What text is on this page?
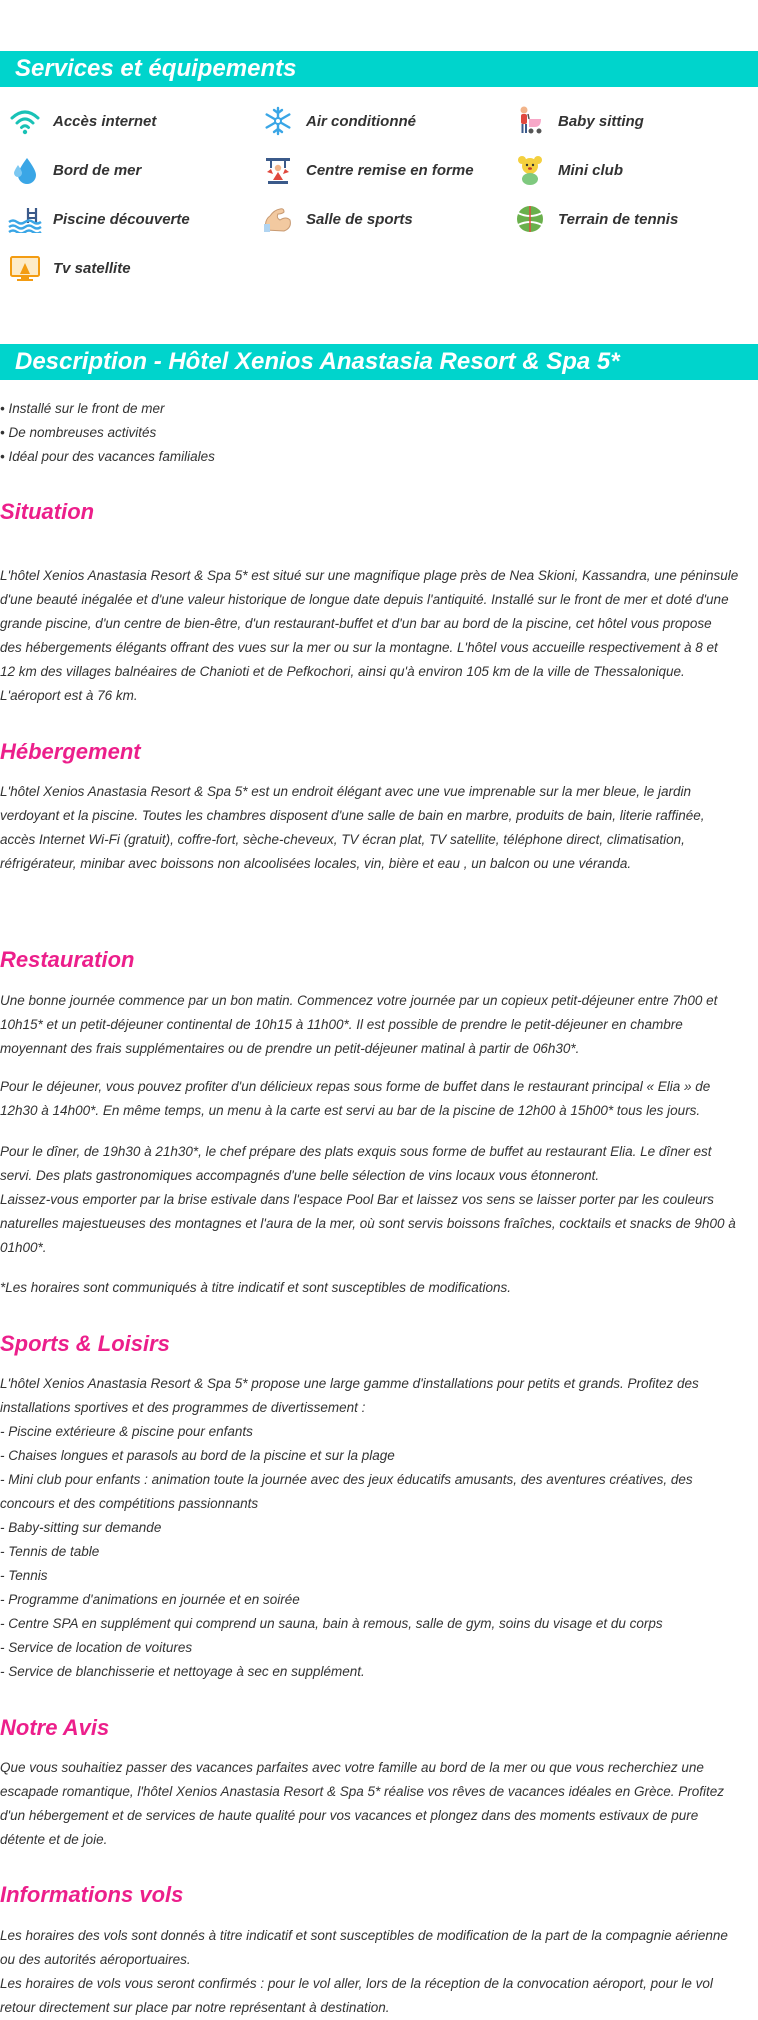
Services et équipements
Accès internet	Air conditionné	Baby sitting
Bord de mer	Centre remise en forme	Mini club
Piscine découverte	Salle de sports	Terrain de tennis
Tv satellite
Description - Hôtel Xenios Anastasia Resort & Spa 5*
• Installé sur le front de mer
• De nombreuses activités
• Idéal pour des vacances familiales
Situation
L'hôtel Xenios Anastasia Resort & Spa 5* est situé sur une magnifique plage près de Nea Skioni, Kassandra, une péninsule
d'une beauté inégalée et d'une valeur historique de longue date depuis l'antiquité. Installé sur le front de mer et doté d'une
grande piscine, d'un centre de bien-être, d'un restaurant-buffet et d'un bar au bord de la piscine, cet hôtel vous propose
des hébergements élégants offrant des vues sur la mer ou sur la montagne. L'hôtel vous accueille respectivement à 8 et
12 km des villages balnéaires de Chanioti et de Pefkochori, ainsi qu'à environ 105 km de la ville de Thessalonique.
L'aéroport est à 76 km.
Hébergement
L'hôtel Xenios Anastasia Resort & Spa 5* est un endroit élégant avec une vue imprenable sur la mer bleue, le jardin
verdoyant et la piscine. Toutes les chambres disposent d'une salle de bain en marbre, produits de bain, literie raffinée,
accès Internet Wi-Fi (gratuit), coffre-fort, sèche-cheveux, TV écran plat, TV satellite, téléphone direct, climatisation,
réfrigérateur, minibar avec boissons non alcoolisées locales, vin, bière et eau , un balcon ou une véranda.
Restauration
Une bonne journée commence par un bon matin. Commencez votre journée par un copieux petit-déjeuner entre 7h00 et
10h15* et un petit-déjeuner continental de 10h15 à 11h00*. Il est possible de prendre le petit-déjeuner en chambre
moyennant des frais supplémentaires ou de prendre un petit-déjeuner matinal à partir de 06h30*.
Pour le déjeuner, vous pouvez profiter d'un délicieux repas sous forme de buffet dans le restaurant principal « Elia » de
12h30 à 14h00*. En même temps, un menu à la carte est servi au bar de la piscine de 12h00 à 15h00* tous les jours.
Pour le dîner, de 19h30 à 21h30*, le chef prépare des plats exquis sous forme de buffet au restaurant Elia. Le dîner est
servi. Des plats gastronomiques accompagnés d'une belle sélection de vins locaux vous étonneront.
Laissez-vous emporter par la brise estivale dans l'espace Pool Bar et laissez vos sens se laisser porter par les couleurs
naturelles majestueuses des montagnes et l'aura de la mer, où sont servis boissons fraîches, cocktails et snacks de 9h00 à
01h00*.
*Les horaires sont communiqués à titre indicatif et sont susceptibles de modifications.
Sports & Loisirs
L'hôtel Xenios Anastasia Resort & Spa 5* propose une large gamme d'installations pour petits et grands. Profitez des
installations sportives et des programmes de divertissement :
- Piscine extérieure & piscine pour enfants
- Chaises longues et parasols au bord de la piscine et sur la plage
- Mini club pour enfants : animation toute la journée avec des jeux éducatifs amusants, des aventures créatives, des
concours et des compétitions passionnants
- Baby-sitting sur demande
- Tennis de table
- Tennis
- Programme d'animations en journée et en soirée
- Centre SPA en supplément qui comprend un sauna, bain à remous, salle de gym, soins du visage et du corps
- Service de location de voitures
- Service de blanchisserie et nettoyage à sec en supplément.
Notre Avis
Que vous souhaitiez passer des vacances parfaites avec votre famille au bord de la mer ou que vous recherchiez une
escapade romantique, l'hôtel Xenios Anastasia Resort & Spa 5* réalise vos rêves de vacances idéales en Grèce. Profitez
d'un hébergement et de services de haute qualité pour vos vacances et plongez dans des moments estivaux de pure
détente et de joie.
Informations vols
Les horaires des vols sont donnés à titre indicatif et sont susceptibles de modification de la part de la compagnie aérienne
ou des autorités aéroportuaires.
Les horaires de vols vous seront confirmés : pour le vol aller, lors de la réception de la convocation aéroport, pour le vol
retour directement sur place par notre représentant à destination.
